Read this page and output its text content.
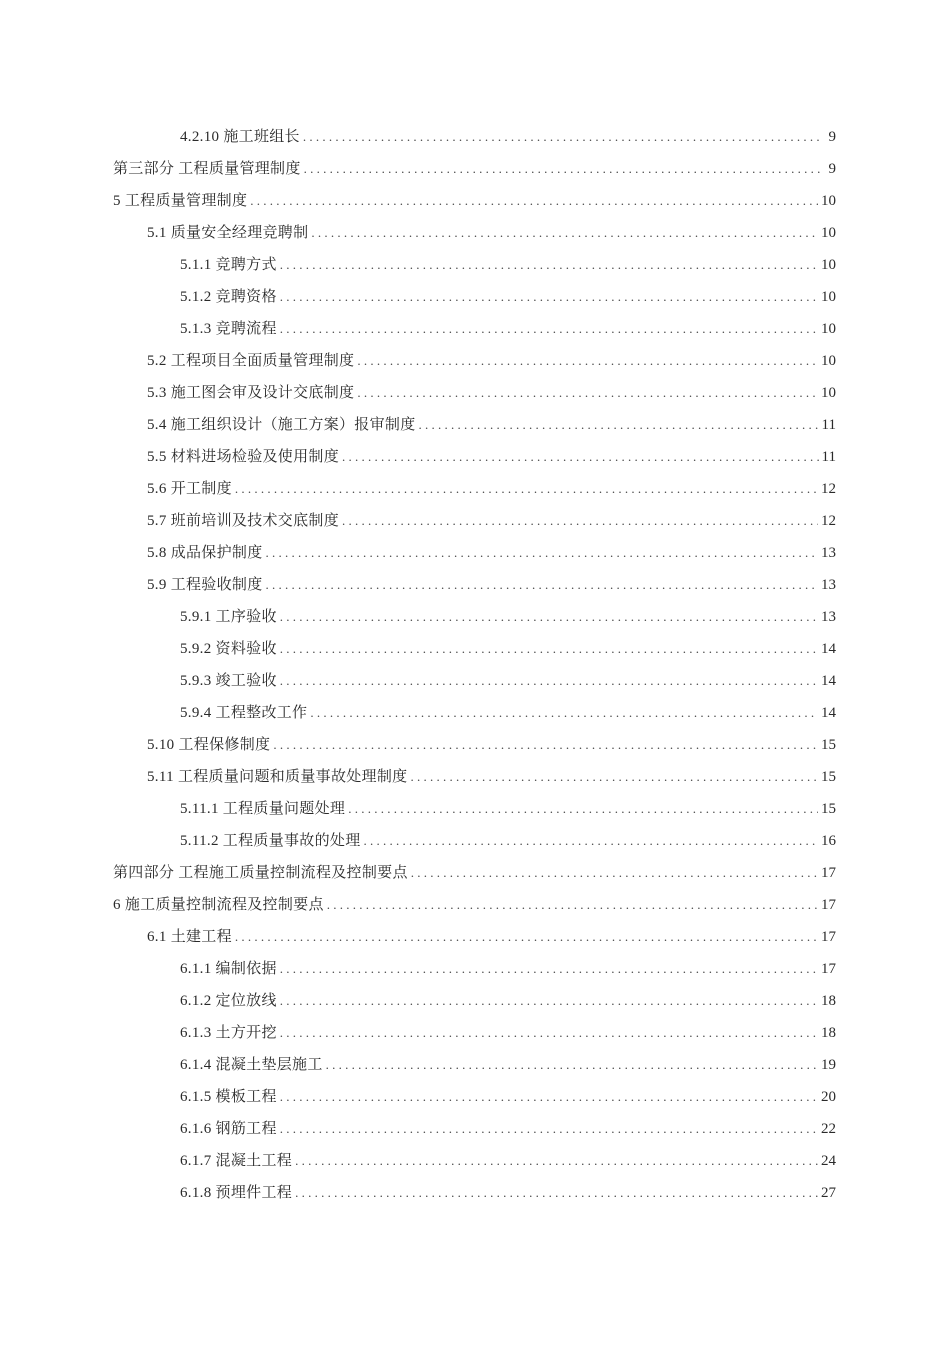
4.2.10 施工班组长 . . .	9
第三部分 工程质量管理制度 . . .	9
5 工程质量管理制度 . . .	10
5.1 质量安全经理竞聘制 . . .	10
5.1.1 竞聘方式 . . .	10
5.1.2 竞聘资格 . . .	10
5.1.3 竞聘流程 . . .	10
5.2 工程项目全面质量管理制度 . . .	10
5.3 施工图会审及设计交底制度 . . .	10
5.4 施工组织设计（施工方案）报审制度 . . .	11
5.5 材料进场检验及使用制度 . . .	11
5.6 开工制度 . . .	12
5.7 班前培训及技术交底制度 . . .	12
5.8 成品保护制度 . . .	13
5.9 工程验收制度 . . .	13
5.9.1 工序验收 . . .	13
5.9.2 资料验收 . . .	14
5.9.3 竣工验收 . . .	14
5.9.4 工程整改工作 . . .	14
5.10 工程保修制度 . . .	15
5.11 工程质量问题和质量事故处理制度 . . .	15
5.11.1 工程质量问题处理 . . .	15
5.11.2 工程质量事故的处理 . . .	16
第四部分 工程施工质量控制流程及控制要点 . . .	17
6 施工质量控制流程及控制要点 . . .	17
6.1 土建工程 . . .	17
6.1.1 编制依据 . . .	17
6.1.2 定位放线 . . .	18
6.1.3 土方开挖 . . .	18
6.1.4 混凝土垫层施工 . . .	19
6.1.5 模板工程 . . .	20
6.1.6 钢筋工程 . . .	22
6.1.7 混凝土工程 . . .	24
6.1.8 预埋件工程 . . .	27
